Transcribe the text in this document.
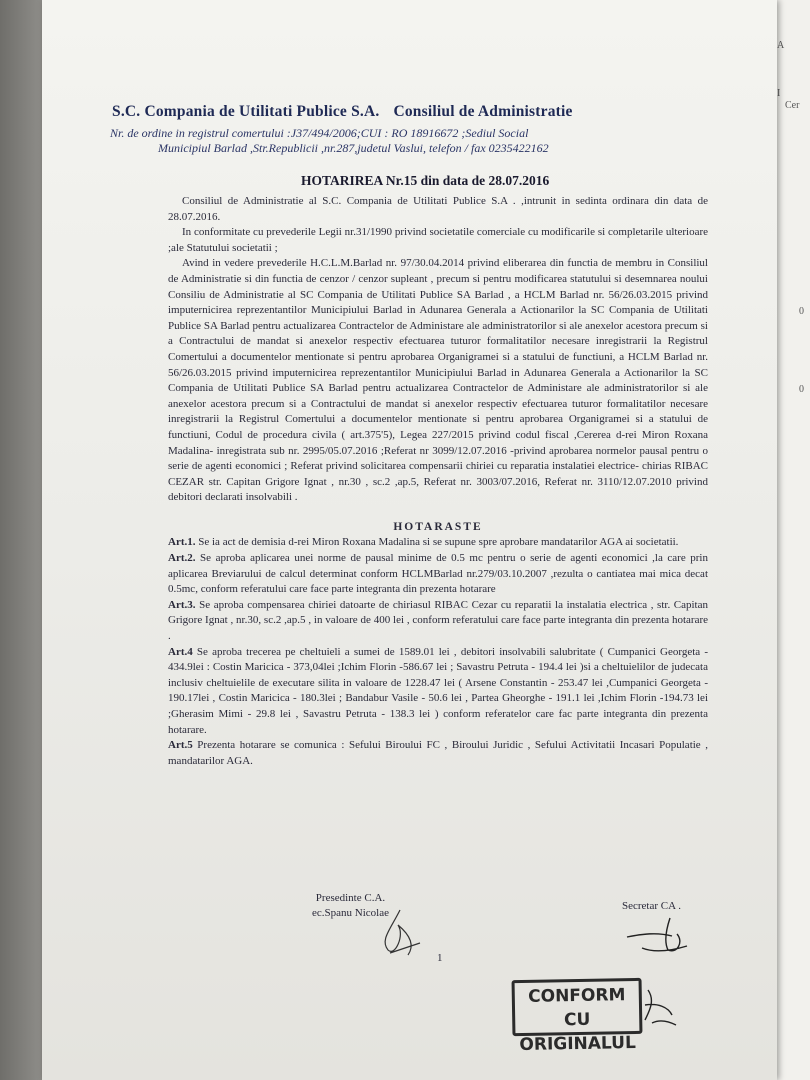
A
I
Cer
0
0
S.C. Compania de Utilitati Publice S.A. Consiliul de Administratie
Nr. de ordine in registrul comertului :J37/494/2006;CUI : RO 18916672 ;Sediul Social
Municipiul Barlad ,Str.Republicii ,nr.287,judetul Vaslui, telefon / fax 0235422162
HOTARIREA Nr.15 din data de 28.07.2016

Consiliul de Administratie al S.C. Compania de Utilitati Publice S.A . ,intrunit in sedinta ordinara din data de 28.07.2016.

In conformitate cu prevederile Legii nr.31/1990 privind societatile comerciale cu modificarile si completarile ulterioare ;ale Statutului societatii ;

Avind in vedere prevederile H.C.L.M.Barlad nr. 97/30.04.2014 privind eliberarea din functia de membru in Consiliul de Administratie si din functia de cenzor / cenzor supleant , precum si pentru modificarea statutului si desemnarea noului Consiliu de Administratie al SC Compania de Utilitati Publice SA Barlad , a HCLM Barlad nr. 56/26.03.2015 privind imputernicirea reprezentantilor Municipiului Barlad in Adunarea Generala a Actionarilor la SC Compania de Utilitati Publice SA Barlad pentru actualizarea Contractelor de Administare ale administratorilor si ale anexelor acestora precum si a Contractului de mandat si anexelor respectiv efectuarea tuturor formalitatilor necesare inregistrarii la Registrul Comertului a documentelor mentionate si pentru aprobarea Organigramei si a statului de functiuni, a HCLM Barlad nr. 56/26.03.2015 privind imputernicirea reprezentantilor Municipiului Barlad in Adunarea Generala a Actionarilor la SC Compania de Utilitati Publice SA Barlad pentru actualizarea Contractelor de Administare ale administratorilor si ale anexelor acestora precum si a Contractului de mandat si anexelor respectiv efectuarea tuturor formalitatilor necesare inregistrarii la Registrul Comertului a documentelor mentionate si pentru aprobarea Organigramei si a statului de functiuni, Codul de procedura civila ( art.375'5), Legea 227/2015 privind codul fiscal ,Cererea d-rei Miron Roxana Madalina- inregistrata sub nr. 2995/05.07.2016 ;Referat nr 3099/12.07.2016 -privind aprobarea normelor pausal pentru o serie de agenti economici ; Referat privind solicitarea compensarii chiriei cu reparatia instalatiei electrice- chirias RIBAC CEZAR str. Capitan Grigore Ignat , nr.30 , sc.2 ,ap.5, Referat nr. 3003/07.2016, Referat nr. 3110/12.07.2010 privind debitori declarati insolvabili .

HOTARASTE

Art.1. Se ia act de demisia d-rei Miron Roxana Madalina si se supune spre aprobare mandatarilor AGA ai societatii.

Art.2. Se aproba aplicarea unei norme de pausal minime de 0.5 mc pentru o serie de agenti economici ,la care prin aplicarea Breviarului de calcul determinat conform HCLMBarlad nr.279/03.10.2007 ,rezulta o cantiatea mai mica decat 0.5mc, conform referatului care face parte integranta din prezenta hotarare

Art.3. Se aproba compensarea chiriei datoarte de chiriasul RIBAC Cezar cu reparatii la instalatia electrica , str. Capitan Grigore Ignat , nr.30, sc.2 ,ap.5 , in valoare de 400 lei , conform referatului care face parte integranta din prezenta hotarare .

Art.4 Se aproba trecerea pe cheltuieli a sumei de 1589.01 lei , debitori insolvabili salubritate ( Cumpanici Georgeta - 434.9lei : Costin Maricica - 373,04lei ;Ichim Florin -586.67 lei ; Savastru Petruta - 194.4 lei )si a cheltuielilor de judecata inclusiv cheltuielile de executare silita in valoare de 1228.47 lei ( Arsene Constantin - 253.47 lei ,Cumpanici Georgeta - 190.17lei , Costin Maricica - 180.3lei ; Bandabur Vasile - 50.6 lei , Partea Gheorghe - 191.1 lei ,Ichim Florin -194.73 lei ;Gherasim Mimi - 29.8 lei , Savastru Petruta - 138.3 lei ) conform referatelor care fac parte integranta din prezenta hotarare.

Art.5 Prezenta hotarare se comunica : Sefului Biroului FC , Biroului Juridic , Sefului Activitatii Incasari Populatie , mandatarilor AGA.

Presedinte C.A.
ec.Spanu Nicolae
Secretar CA .
1
CONFORM CU
ORIGINALUL
